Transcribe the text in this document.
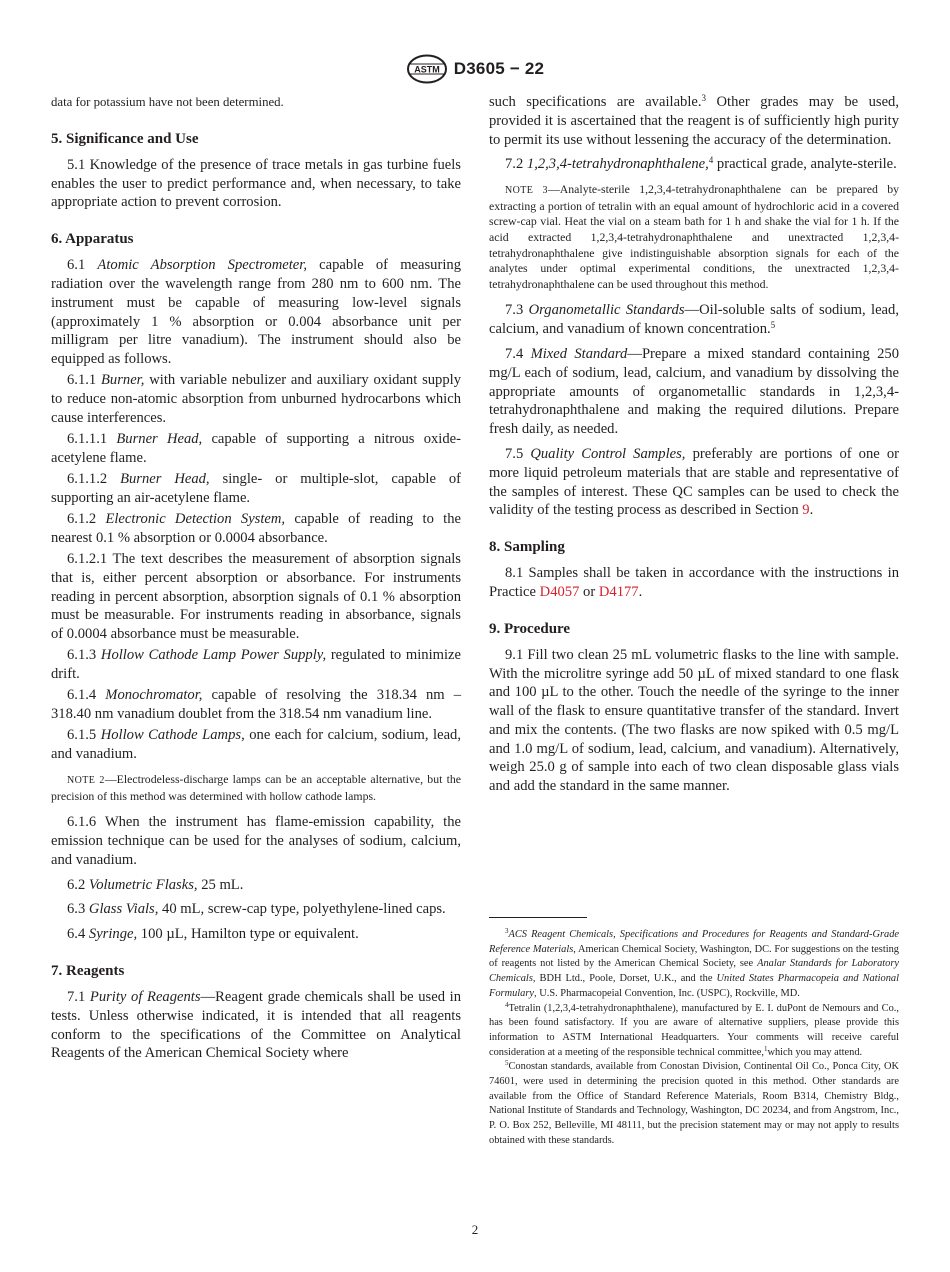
ASTM D3605 − 22

data for potassium have not been determined.

5. Significance and Use

5.1 Knowledge of the presence of trace metals in gas turbine fuels enables the user to predict performance and, when necessary, to take appropriate action to prevent corrosion.

6. Apparatus

6.1 Atomic Absorption Spectrometer, capable of measuring radiation over the wavelength range from 280 nm to 600 nm. The instrument must be capable of measuring low-level signals (approximately 1 % absorption or 0.004 absorbance unit per milligram per litre vanadium). The instrument should also be equipped as follows.

6.1.1 Burner, with variable nebulizer and auxiliary oxidant supply to reduce non-atomic absorption from unburned hydrocarbons which cause interferences.

6.1.1.1 Burner Head, capable of supporting a nitrous oxide-acetylene flame.

6.1.1.2 Burner Head, single- or multiple-slot, capable of supporting an air-acetylene flame.

6.1.2 Electronic Detection System, capable of reading to the nearest 0.1 % absorption or 0.0004 absorbance.

6.1.2.1 The text describes the measurement of absorption signals that is, either percent absorption or absorbance. For instruments reading in percent absorption, absorption signals of 0.1 % absorption must be measurable. For instruments reading in absorbance, signals of 0.0004 absorbance must be measurable.

6.1.3 Hollow Cathode Lamp Power Supply, regulated to minimize drift.

6.1.4 Monochromator, capable of resolving the 318.34 nm – 318.40 nm vanadium doublet from the 318.54 nm vanadium line.

6.1.5 Hollow Cathode Lamps, one each for calcium, sodium, lead, and vanadium.

NOTE 2—Electrodeless-discharge lamps can be an acceptable alternative, but the precision of this method was determined with hollow cathode lamps.

6.1.6 When the instrument has flame-emission capability, the emission technique can be used for the analyses of sodium, calcium, and vanadium.

6.2 Volumetric Flasks, 25 mL.

6.3 Glass Vials, 40 mL, screw-cap type, polyethylene-lined caps.

6.4 Syringe, 100 µL, Hamilton type or equivalent.

7. Reagents

7.1 Purity of Reagents—Reagent grade chemicals shall be used in tests. Unless otherwise indicated, it is intended that all reagents conform to the specifications of the Committee on Analytical Reagents of the American Chemical Society where

such specifications are available.$^3$ Other grades may be used, provided it is ascertained that the reagent is of sufficiently high purity to permit its use without lessening the accuracy of the determination.

7.2 1,2,3,4-tetrahydronaphthalene,$^4$ practical grade, analyte-sterile.

NOTE 3—Analyte-sterile 1,2,3,4-tetrahydronaphthalene can be prepared by extracting a portion of tetralin with an equal amount of hydrochloric acid in a covered screw-cap vial. Heat the vial on a steam bath for 1 h and shake the vial for 1 h. If the acid extracted 1,2,3,4-tetrahydronaphthalene and unextracted 1,2,3,4-tetrahydronaphthalene give indistinguishable absorption signals for each of the analytes under optimal experimental conditions, the unextracted 1,2,3,4-tetrahydronaphthalene can be used throughout this method.

7.3 Organometallic Standards—Oil-soluble salts of sodium, lead, calcium, and vanadium of known concentration.$^5$

7.4 Mixed Standard—Prepare a mixed standard containing 250 mg/L each of sodium, lead, calcium, and vanadium by dissolving the appropriate amounts of organometallic standards in 1,2,3,4-tetrahydronaphthalene and making the required dilutions. Prepare fresh daily, as needed.

7.5 Quality Control Samples, preferably are portions of one or more liquid petroleum materials that are stable and representative of the samples of interest. These QC samples can be used to check the validity of the testing process as described in Section 9.

8. Sampling

8.1 Samples shall be taken in accordance with the instructions in Practice D4057 or D4177.

9. Procedure

9.1 Fill two clean 25 mL volumetric flasks to the line with sample. With the microlitre syringe add 50 µL of mixed standard to one flask and 100 µL to the other. Touch the needle of the syringe to the inner wall of the flask to ensure quantitative transfer of the standard. Invert and mix the contents. (The two flasks are now spiked with 0.5 mg/L and 1.0 mg/L of sodium, lead, calcium, and vanadium). Alternatively, weigh 25.0 g of sample into each of two clean disposable glass vials and add the standard in the same manner.

$^3$ACS Reagent Chemicals, Specifications and Procedures for Reagents and Standard-Grade Reference Materials, American Chemical Society, Washington, DC. For suggestions on the testing of reagents not listed by the American Chemical Society, see Analar Standards for Laboratory Chemicals, BDH Ltd., Poole, Dorset, U.K., and the United States Pharmacopeia and National Formulary, U.S. Pharmacopeial Convention, Inc. (USPC), Rockville, MD.

$^4$Tetralin (1,2,3,4-tetrahydronaphthalene), manufactured by E. I. duPont de Nemours and Co., has been found satisfactory. If you are aware of alternative suppliers, please provide this information to ASTM International Headquarters. Your comments will receive careful consideration at a meeting of the responsible technical committee,$^1$which you may attend.

$^5$Conostan standards, available from Conostan Division, Continental Oil Co., Ponca City, OK 74601, were used in determining the precision quoted in this method. Other standards are available from the Office of Standard Reference Materials, Room B314, Chemistry Bldg., National Institute of Standards and Technology, Washington, DC 20234, and from Angstrom, Inc., P. O. Box 252, Belleville, MI 48111, but the precision statement may or may not apply to results obtained with these standards.

2
